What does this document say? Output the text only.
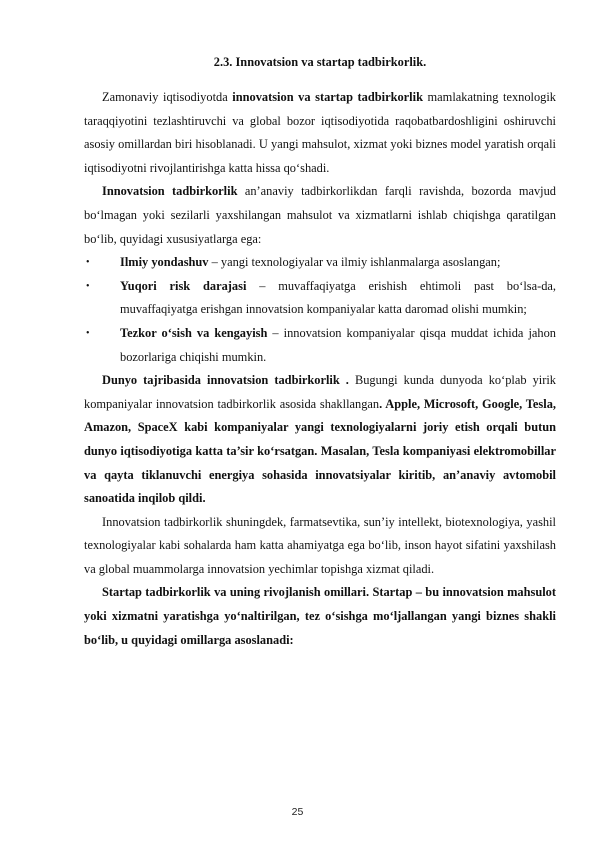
2.3. Innovatsion va startap tadbirkorlik.

Zamonaviy iqtisodiyotda innovatsion va startap tadbirkorlik mamlakatning texnologik taraqqiyotini tezlashtiruvchi va global bozor iqtisodiyotida raqobatbardoshligini oshiruvchi asosiy omillardan biri hisoblanadi. U yangi mahsulot, xizmat yoki biznes model yaratish orqali iqtisodiyotni rivojlantirishga katta hissa qo‘shadi.

Innovatsion tadbirkorlik an’anaviy tadbirkorlikdan farqli ravishda, bozorda mavjud bo‘lmagan yoki sezilarli yaxshilangan mahsulot va xizmatlarni ishlab chiqishga qaratilgan bo‘lib, quyidagi xususiyatlarga ega:

• Ilmiy yondashuv – yangi texnologiyalar va ilmiy ishlanmalarga asoslangan;
• Yuqori risk darajasi – muvaffaqiyatga erishish ehtimoli past bo‘lsa-da, muvaffaqiyatga erishgan innovatsion kompaniyalar katta daromad olishi mumkin;
• Tezkor o‘sish va kengayish – innovatsion kompaniyalar qisqa muddat ichida jahon bozorlariga chiqishi mumkin.

Dunyo tajribasida innovatsion tadbirkorlik . Bugungi kunda dunyoda ko‘plab yirik kompaniyalar innovatsion tadbirkorlik asosida shakllangan. Apple, Microsoft, Google, Tesla, Amazon, SpaceX kabi kompaniyalar yangi texnologiyalarni joriy etish orqali butun dunyo iqtisodiyotiga katta ta’sir ko‘rsatgan. Masalan, Tesla kompaniyasi elektromobillar va qayta tiklanuvchi energiya sohasida innovatsiyalar kiritib, an’anaviy avtomobil sanoatida inqilob qildi.

Innovatsion tadbirkorlik shuningdek, farmatsevtika, sun’iy intellekt, biotexnologiya, yashil texnologiyalar kabi sohalarda ham katta ahamiyatga ega bo‘lib, inson hayot sifatini yaxshilash va global muammolarga innovatsion yechimlar topishga xizmat qiladi.

Startap tadbirkorlik va uning rivojlanish omillari. Startap – bu innovatsion mahsulot yoki xizmatni yaratishga yo‘naltirilgan, tez o‘sishga mo‘ljallangan yangi biznes shakli bo‘lib, u quyidagi omillarga asoslanadi:

25
